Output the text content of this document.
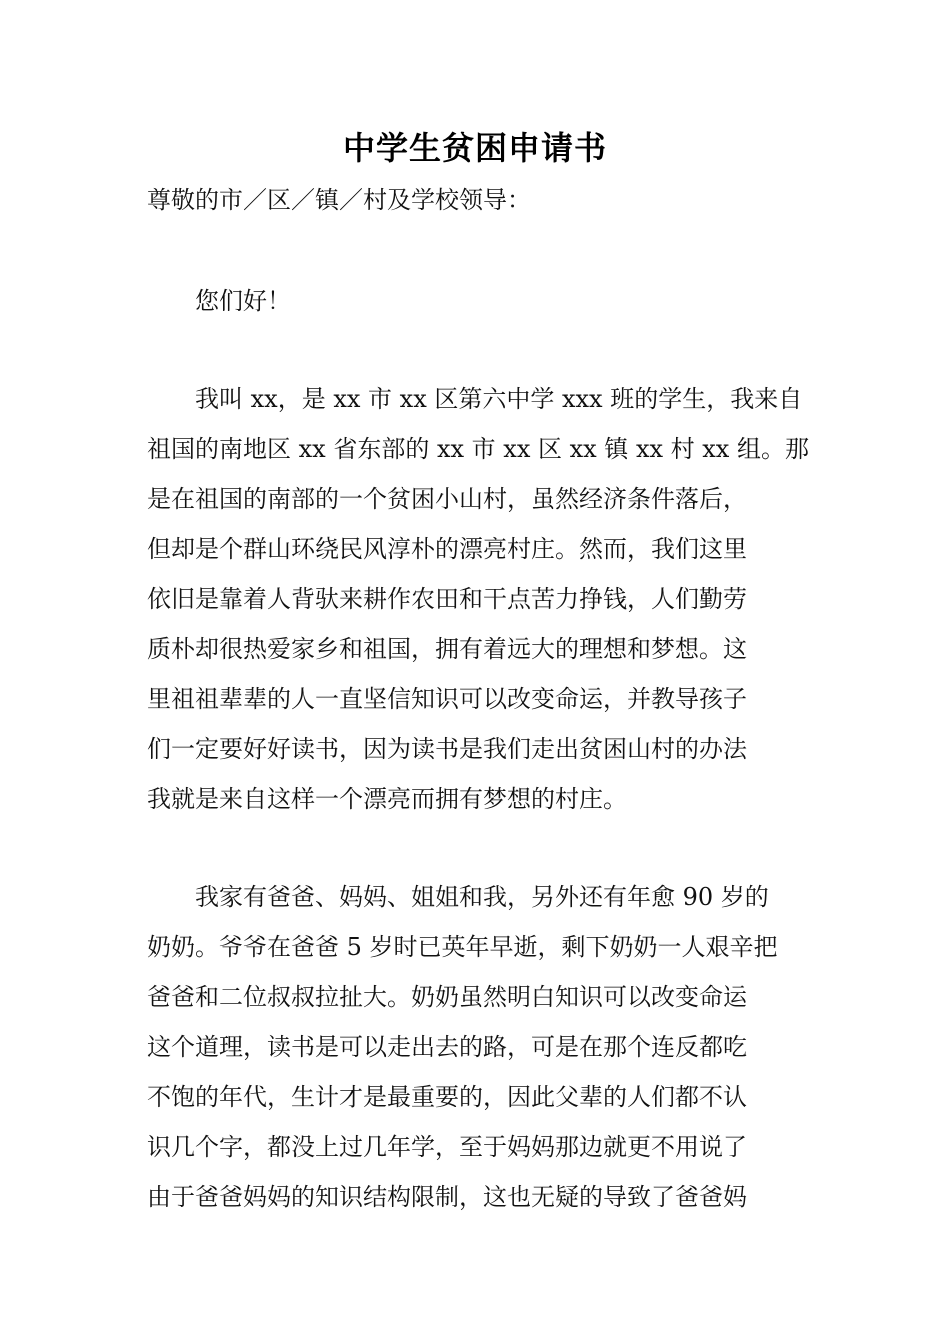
中学生贫困申请书
尊敬的市／区／镇／村及学校领导：
您们好！
我叫 xx，是 xx 市 xx 区第六中学 xxx 班的学生，我来自
祖国的南地区 xx 省东部的 xx 市 xx 区 xx 镇 xx 村 xx 组。那
是在祖国的南部的一个贫困小山村，虽然经济条件落后，
但却是个群山环绕民风淳朴的漂亮村庄。然而，我们这里
依旧是靠着人背驮来耕作农田和干点苦力挣钱，人们勤劳
质朴却很热爱家乡和祖国，拥有着远大的理想和梦想。这
里祖祖辈辈的人一直坚信知识可以改变命运，并教导孩子
们一定要好好读书，因为读书是我们走出贫困山村的办法
我就是来自这样一个漂亮而拥有梦想的村庄。
我家有爸爸、妈妈、姐姐和我，另外还有年愈 90 岁的
奶奶。爷爷在爸爸 5 岁时已英年早逝，剩下奶奶一人艰辛把
爸爸和二位叔叔拉扯大。奶奶虽然明白知识可以改变命运
这个道理，读书是可以走出去的路，可是在那个连反都吃
不饱的年代，生计才是最重要的，因此父辈的人们都不认
识几个字，都没上过几年学，至于妈妈那边就更不用说了
由于爸爸妈妈的知识结构限制，这也无疑的导致了爸爸妈
